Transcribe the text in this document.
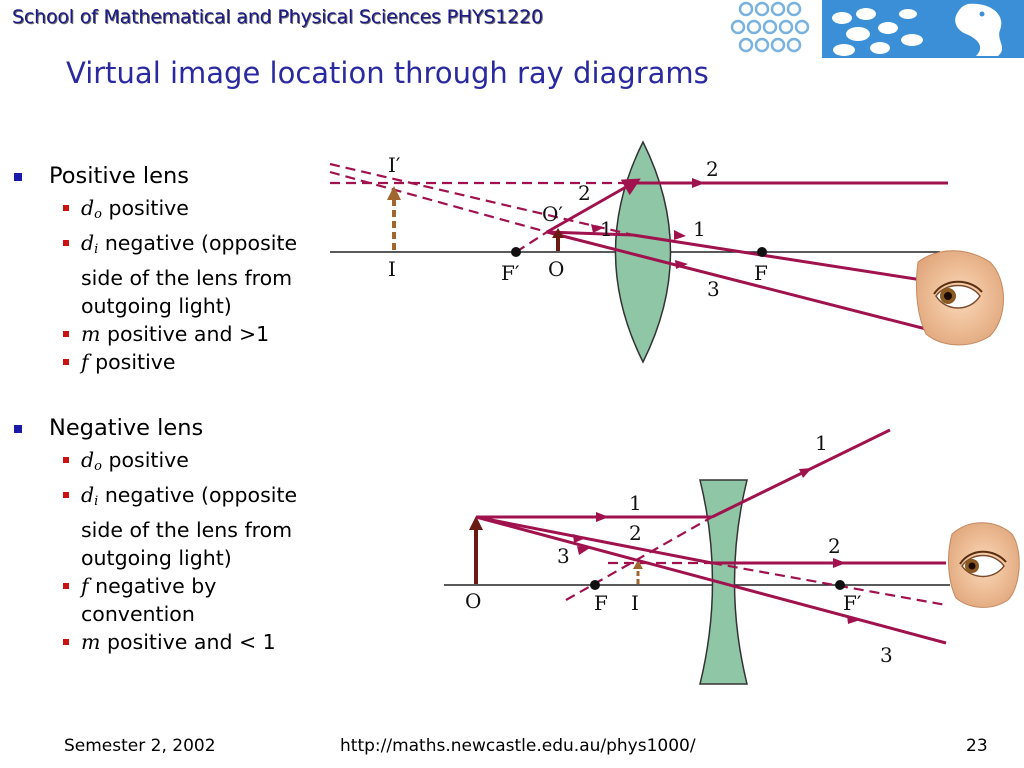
School of Mathematical and Physical Sciences PHYS1220
Virtual image location through ray diagrams
Positive lens
$d_o$ positive
$d_i$ negative (opposite side of the lens from outgoing light)
m positive and >1
f positive
Negative lens
$d_o$ positive
$d_i$ negative (opposite side of the lens from outgoing light)
f negative by convention
m positive and < 1
I′
I
O′
O
F′	F
2
1
2
1
3
O	F I	F′
1
2
3
1
2
3
Semester 2, 2002	http://maths.newcastle.edu.au/phys1000/	23
